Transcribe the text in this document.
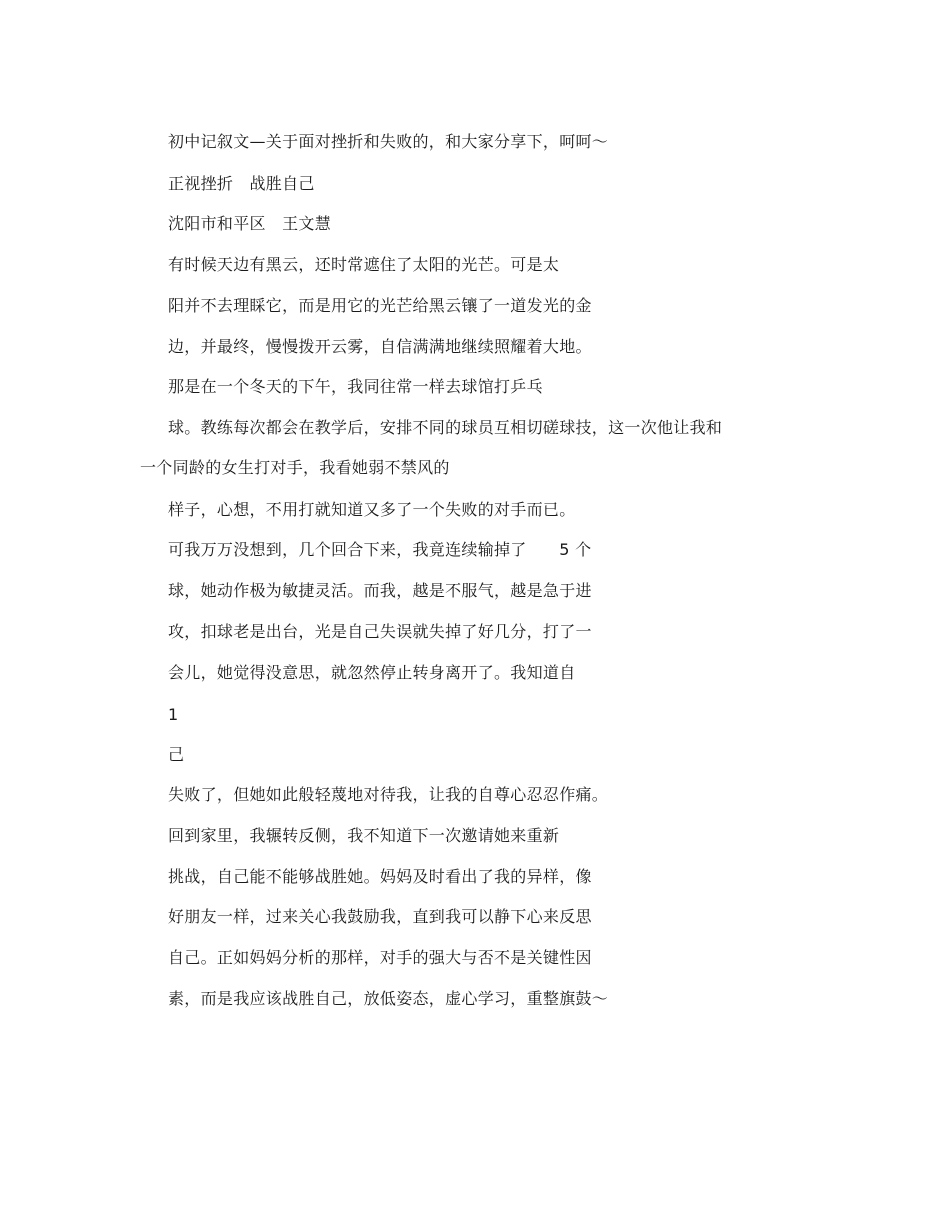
初中记叙文—关于面对挫折和失败的，和大家分享下，呵呵～
正视挫折　战胜自己
沈阳市和平区　王文慧
有时候天边有黑云，还时常遮住了太阳的光芒。可是太
阳并不去理睬它，而是用它的光芒给黑云镶了一道发光的金
边，并最终，慢慢拨开云雾，自信满满地继续照耀着大地。
那是在一个冬天的下午，我同往常一样去球馆打乒乓
球。教练每次都会在教学后，安排不同的球员互相切磋球技，这一次他让我和
一个同龄的女生打对手，我看她弱不禁风的
样子，心想，不用打就知道又多了一个失败的对手而已。
可我万万没想到，几个回合下来，我竟连续输掉了　　5 个
球，她动作极为敏捷灵活。而我，越是不服气，越是急于进
攻，扣球老是出台，光是自己失误就失掉了好几分，打了一
会儿，她觉得没意思，就忽然停止转身离开了。我知道自
1
己
失败了，但她如此般轻蔑地对待我，让我的自尊心忍忍作痛。
回到家里，我辗转反侧，我不知道下一次邀请她来重新
挑战，自己能不能够战胜她。妈妈及时看出了我的异样，像
好朋友一样，过来关心我鼓励我，直到我可以静下心来反思
自己。正如妈妈分析的那样，对手的强大与否不是关键性因
素，而是我应该战胜自己，放低姿态，虚心学习，重整旗鼓～
